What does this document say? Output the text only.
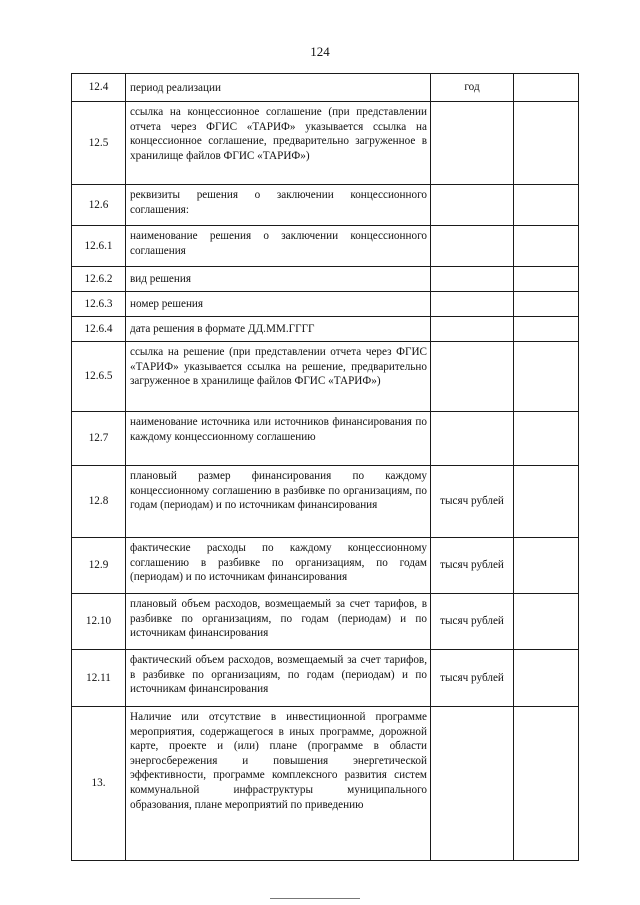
124
12.4	период реализации	год	
12.5	ссылка на концессионное соглашение (при представлении отчета через ФГИС «ТАРИФ» указывается ссылка на концессионное соглашение, предварительно загруженное в хранилище файлов ФГИС «ТАРИФ»)		
12.6	реквизиты решения о заключении концессионного соглашения:		
12.6.1	наименование решения о заключении концессионного соглашения		
12.6.2	вид решения		
12.6.3	номер решения		
12.6.4	дата решения в формате ДД.ММ.ГГГГ		
12.6.5	ссылка на решение (при представлении отчета через ФГИС «ТАРИФ» указывается ссылка на решение, предварительно загруженное в хранилище файлов ФГИС «ТАРИФ»)		
12.7	наименование источника или источников финансирования по каждому концессионному соглашению		
12.8	плановый размер финансирования по каждому концессионному соглашению в разбивке по организациям, по годам (периодам) и по источникам финансирования	тысяч рублей	
12.9	фактические расходы по каждому концессионному соглашению в разбивке по организациям, по годам (периодам) и по источникам финансирования	тысяч рублей	
12.10	плановый объем расходов, возмещаемый за счет тарифов, в разбивке по организациям, по годам (периодам) и по источникам финансирования	тысяч рублей	
12.11	фактический объем расходов, возмещаемый за счет тарифов, в разбивке по организациям, по годам (периодам) и по источникам финансирования	тысяч рублей	
13.	Наличие или отсутствие в инвестиционной программе мероприятия, содержащегося в иных программе, дорожной карте, проекте и (или) плане (программе в области энергосбережения и повышения энергетической эффективности, программе комплексного развития систем коммунальной инфраструктуры муниципального образования, плане мероприятий по приведению		
